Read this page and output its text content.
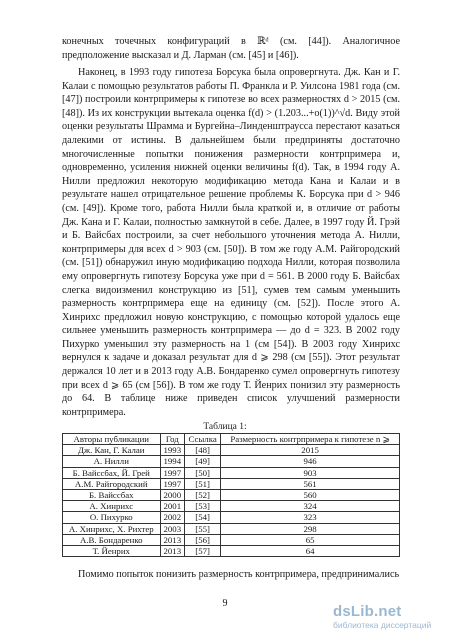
конечных точечных конфигураций в ℝᵈ (см. [44]). Аналогичное предположение высказал и Д. Ларман (см. [45] и [46]).

Наконец, в 1993 году гипотеза Борсука была опровергнута. Дж. Кан и Г. Калаи с помощью результатов работы П. Франкла и Р. Уилсона 1981 года (см. [47]) построили контрпримеры к гипотезе во всех размерностях d > 2015 (см. [48]). Из их конструкции вытекала оценка f(d) > (1.203...+o(1))^√d. Виду этой оценки результаты Шрамма и Бургейна–Линденштраусса перестают казаться далекими от истины. В дальнейшем были предприняты достаточно многочисленные попытки понижения размерности контрпримера и, одновременно, усиления нижней оценки величины f(d). Так, в 1994 году А. Нилли предложил некоторую модификацию метода Кана и Калаи и в результате нашел отрицательное решение проблемы К. Борсука при d > 946 (см. [49]). Кроме того, работа Нилли была краткой и, в отличие от работы Дж. Кана и Г. Калаи, полностью замкнутой в себе. Далее, в 1997 году Й. Грэй и Б. Вайсбах построили, за счет небольшого уточнения метода А. Нилли, контрпримеры для всех d > 903 (см. [50]). В том же году А.М. Райгородский (см. [51]) обнаружил иную модификацию подхода Нилли, которая позволила ему опровергнуть гипотезу Борсука уже при d = 561. В 2000 году Б. Вайсбах слегка видоизменил конструкцию из [51], сумев тем самым уменьшить размерность контрпримера еще на единицу (см. [52]). После этого А. Хинрихс предложил новую конструкцию, с помощью которой удалось еще сильнее уменьшить размерность контрпримера — до d = 323. В 2002 году Пихурко уменьшил эту размерность на 1 (см [54]). В 2003 году Хинрихс вернулся к задаче и доказал результат для d ⩾ 298 (см [55]). Этот результат держался 10 лет и в 2013 году А.В. Бондаренко сумел опровергнуть гипотезу при всех d ⩾ 65 (см [56]). В том же году Т. Йенрих понизил эту размерность до 64. В таблице ниже приведен список улучшений размерности контрпримера.

Таблица 1:
Авторы публикации	Год	Ссылка	Размерность контрпримера к гипотезе n ⩾
Дж. Кан, Г. Калаи	1993	[48]	2015
А. Нилли	1994	[49]	946
Б. Вайсcбах, Й. Грей	1997	[50]	903
А.М. Райгородский	1997	[51]	561
Б. Вайсcбах	2000	[52]	560
А. Хинрихс	2001	[53]	324
О. Пихурко	2002	[54]	323
А. Хинрихс, Х. Рихтер	2003	[55]	298
А.В. Бондаренко	2013	[56]	65
Т. Йенрих	2013	[57]	64

Помимо попыток понизить размерность контрпримера, предпринимались

9	dsLib.net
библиотека диссертаций
